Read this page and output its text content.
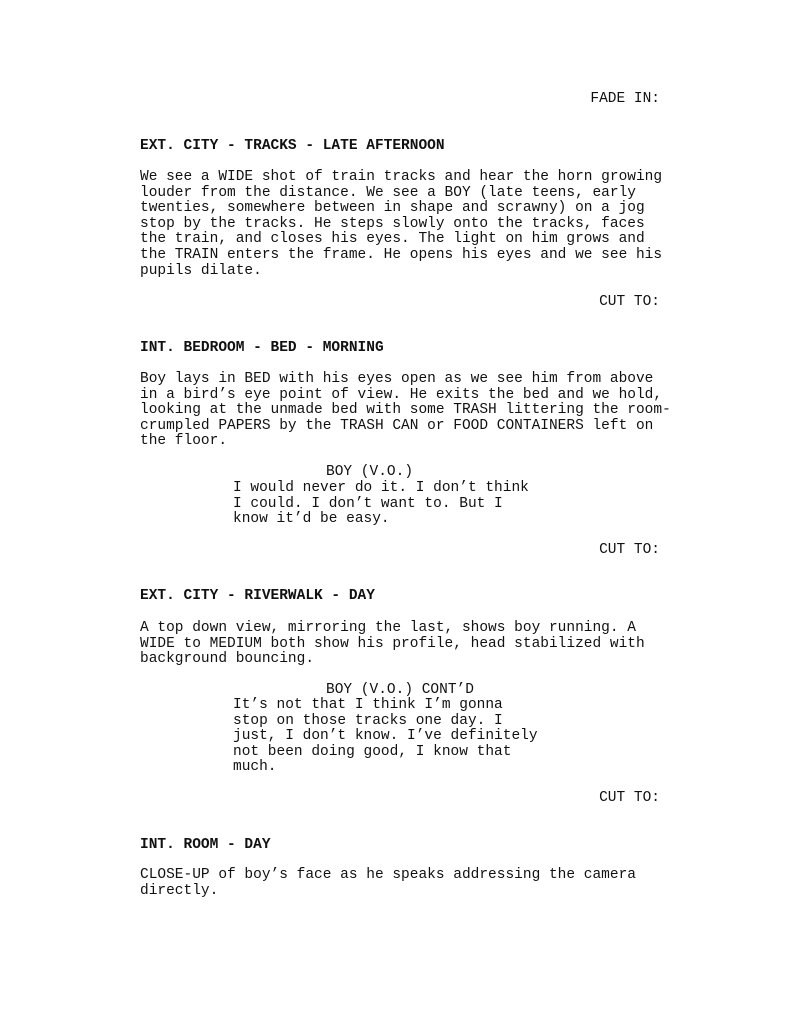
FADE IN:
EXT. CITY - TRACKS - LATE AFTERNOON
We see a WIDE shot of train tracks and hear the horn growing
louder from the distance. We see a BOY (late teens, early
twenties, somewhere between in shape and scrawny) on a jog
stop by the tracks. He steps slowly onto the tracks, faces
the train, and closes his eyes. The light on him grows and
the TRAIN enters the frame. He opens his eyes and we see his
pupils dilate.
CUT TO:
INT. BEDROOM - BED - MORNING
Boy lays in BED with his eyes open as we see him from above
in a bird’s eye point of view. He exits the bed and we hold,
looking at the unmade bed with some TRASH littering the room-
crumpled PAPERS by the TRASH CAN or FOOD CONTAINERS left on
the floor.
BOY (V.O.)
I would never do it. I don’t think
I could. I don’t want to. But I
know it’d be easy.
CUT TO:
EXT. CITY - RIVERWALK - DAY
A top down view, mirroring the last, shows boy running. A
WIDE to MEDIUM both show his profile, head stabilized with
background bouncing.
BOY (V.O.) CONT’D
It’s not that I think I’m gonna
stop on those tracks one day. I
just, I don’t know. I’ve definitely
not been doing good, I know that
much.
CUT TO:
INT. ROOM - DAY
CLOSE-UP of boy’s face as he speaks addressing the camera
directly.
